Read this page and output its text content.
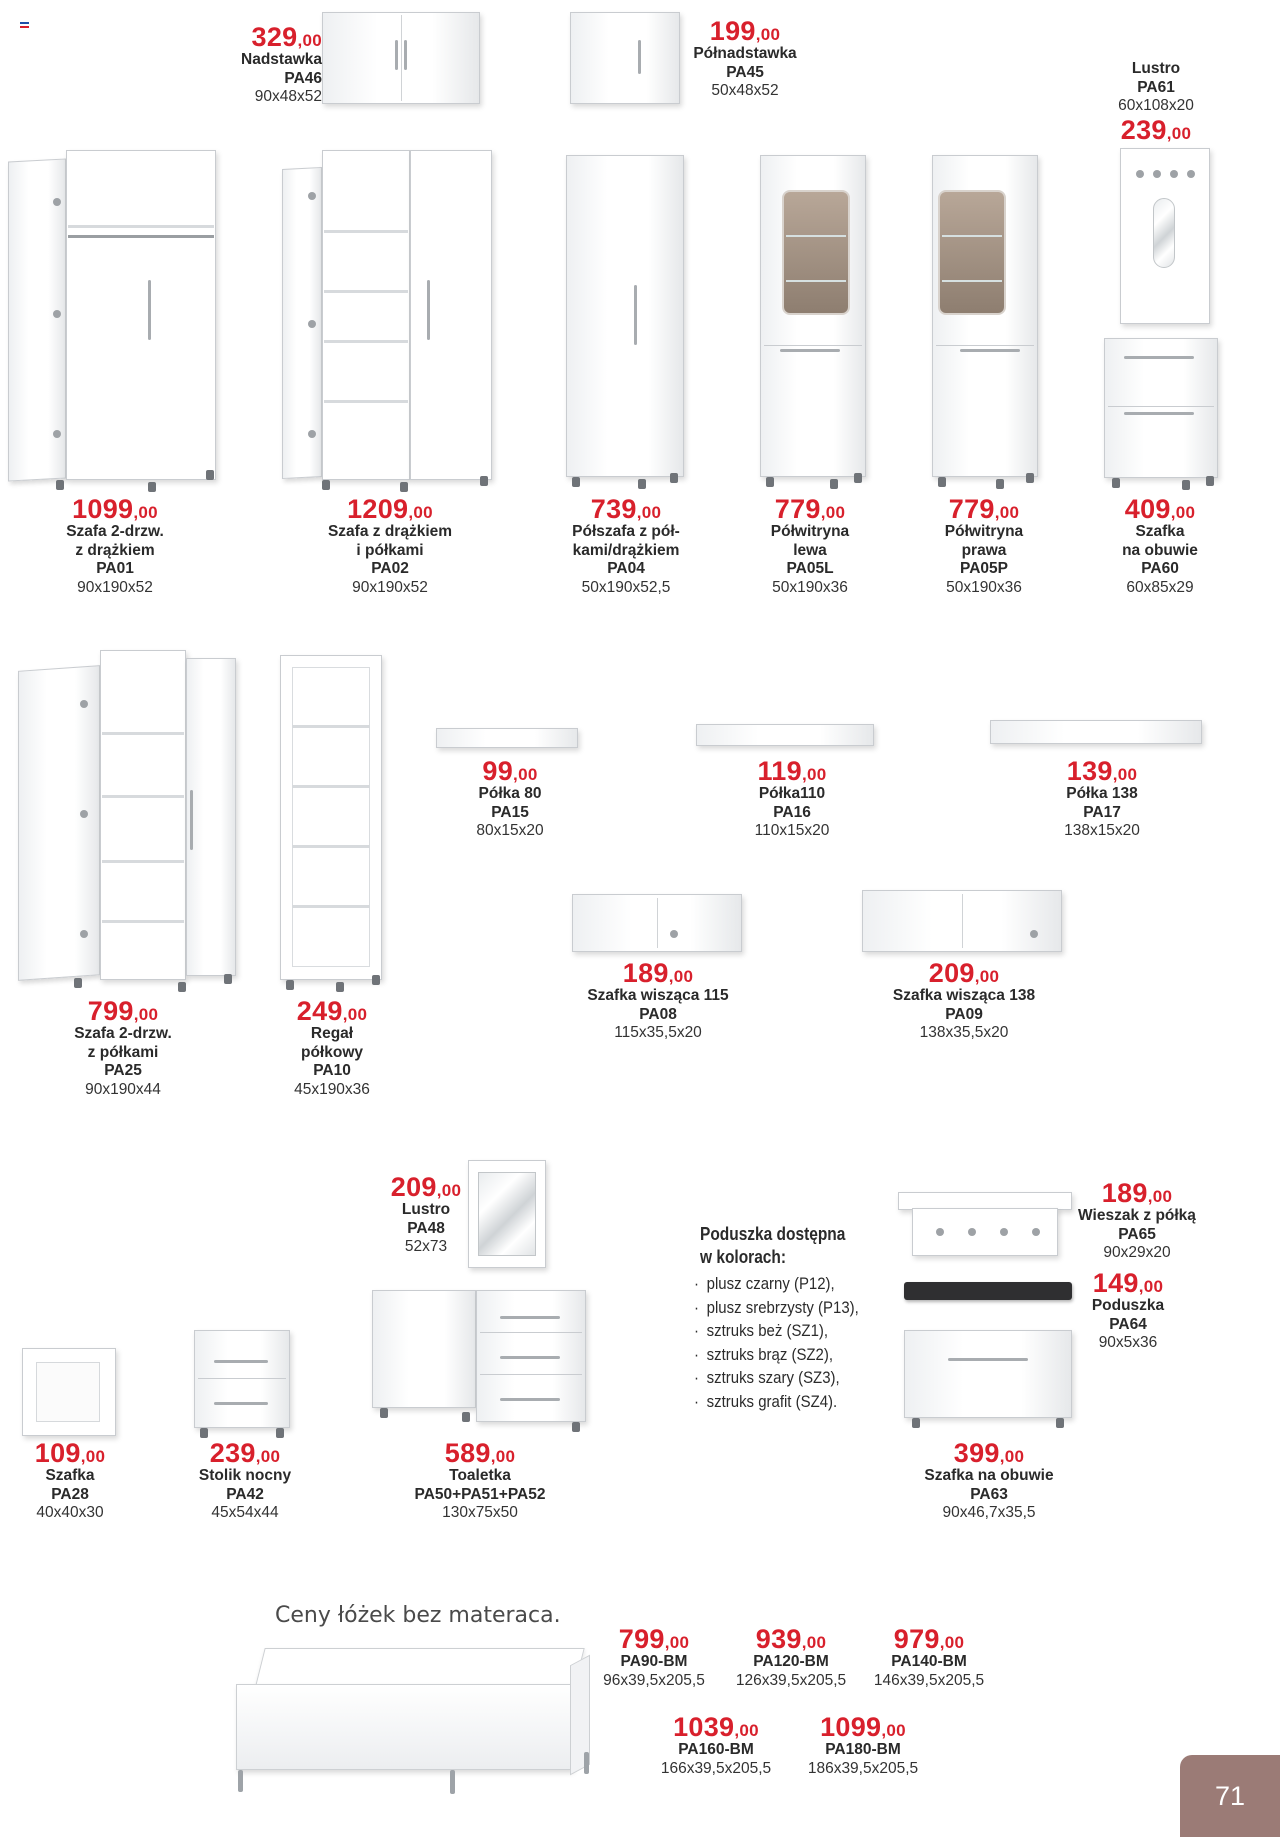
329,00
Nadstawka
PA46
90x48x52
199,00
Półnadstawka
PA45
50x48x52
Lustro
PA61
60x108x20
239,00
1099,00
Szafa 2-drzw.
z drążkiem
PA01
90x190x52
1209,00
Szafa z drążkiem
i półkami
PA02
90x190x52
739,00
Półszafa z pół-
kami/drążkiem
PA04
50x190x52,5
779,00
Półwitryna
lewa
PA05L
50x190x36
779,00
Półwitryna
prawa
PA05P
50x190x36
409,00
Szafka
na obuwie
PA60
60x85x29
799,00
Szafa 2-drzw.
z półkami
PA25
90x190x44
249,00
Regał
półkowy
PA10
45x190x36
99,00
Półka 80
PA15
80x15x20
119,00
Półka110
PA16
110x15x20
139,00
Półka 138
PA17
138x15x20
189,00
Szafka wisząca 115
PA08
115x35,5x20
209,00
Szafka wisząca 138
PA09
138x35,5x20
209,00
Lustro
PA48
52x73
589,00
Toaletka
PA50+PA51+PA52
130x75x50
109,00
Szafka
PA28
40x40x30
239,00
Stolik nocny
PA42
45x54x44
Poduszka dostępna
w kolorach:
· plusz czarny (P12),
· plusz srebrzysty (P13),
· sztruks beż (SZ1),
· sztruks brąz (SZ2),
· sztruks szary (SZ3),
· sztruks grafit (SZ4).
189,00
Wieszak z półką
PA65
90x29x20
149,00
Poduszka
PA64
90x5x36
399,00
Szafka na obuwie
PA63
90x46,7x35,5
Ceny łóżek bez materaca.
799,00
PA90-BM
96x39,5x205,5
939,00
PA120-BM
126x39,5x205,5
979,00
PA140-BM
146x39,5x205,5
1039,00
PA160-BM
166x39,5x205,5
1099,00
PA180-BM
186x39,5x205,5
71
